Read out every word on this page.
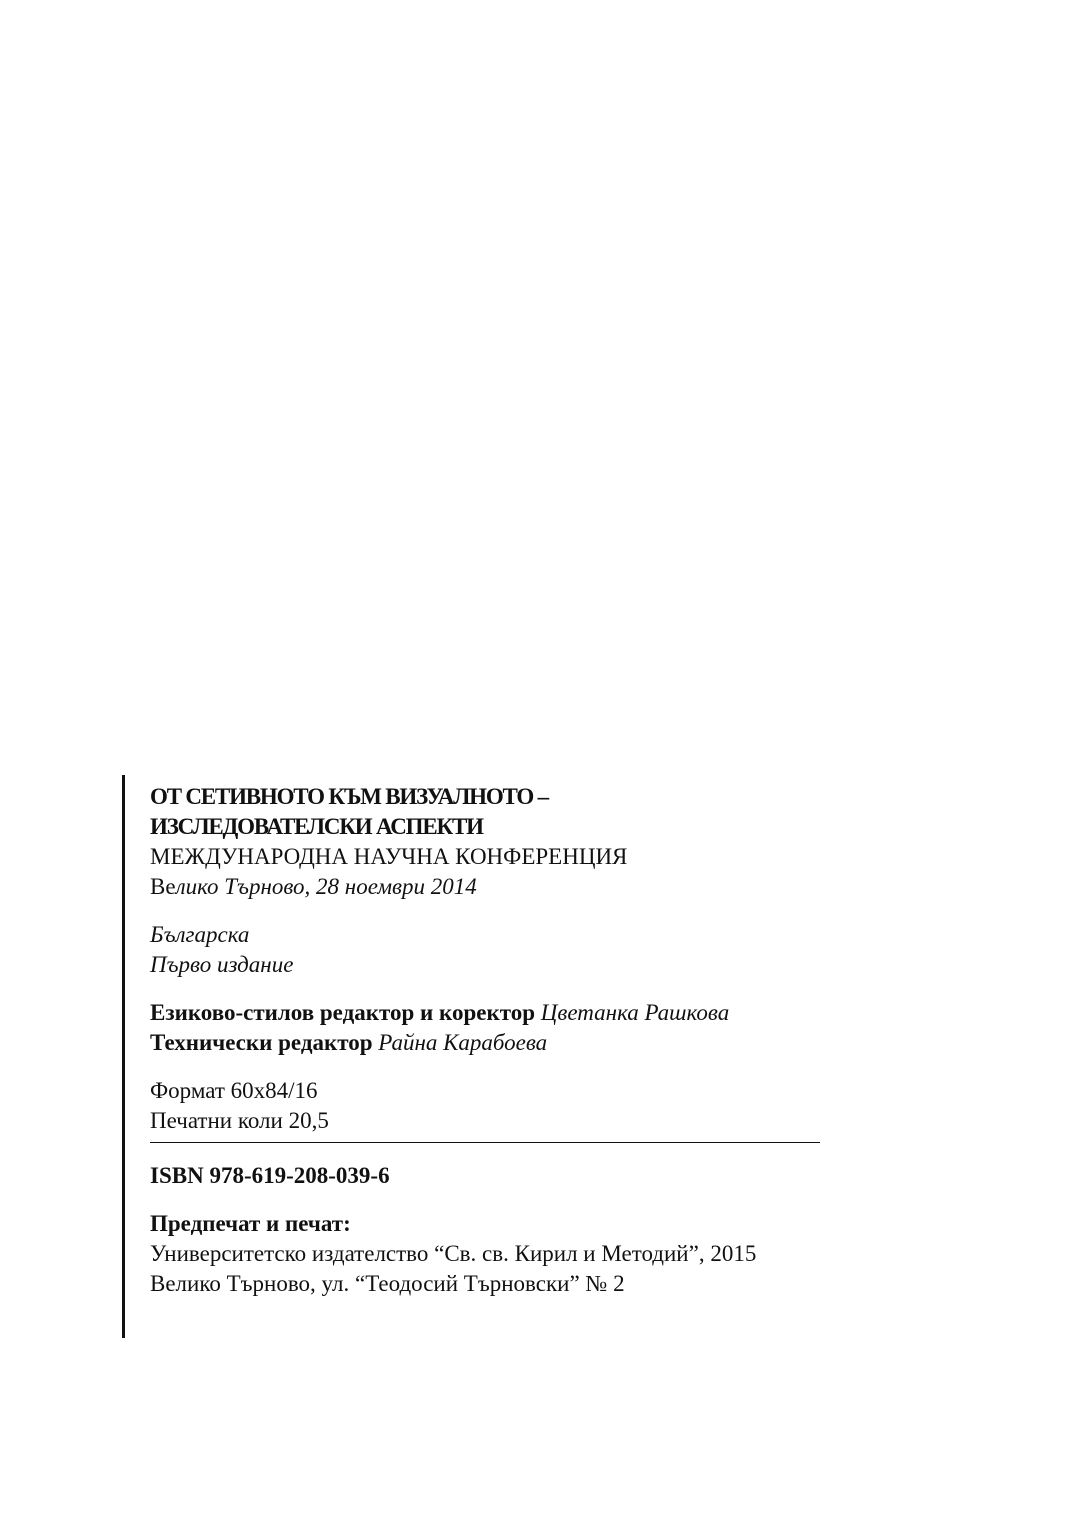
ОТ СЕТИВНОТО КЪМ ВИЗУАЛНОТО –
ИЗСЛЕДОВАТЕЛСКИ АСПЕКТИ
МЕЖДУНАРОДНА НАУЧНА КОНФЕРЕНЦИЯ
Велико Търново, 28 ноември 2014
Българска
Първо издание
Езиково-стилов редактор и коректор Цветанка Рашкова
Технически редактор Райна Карабоева
Формат 60x84/16
Печатни коли 20,5
ISBN 978-619-208-039-6
Предпечат и печат:
Университетско издателство “Св. св. Кирил и Методий”, 2015
Велико Търново, ул. “Теодосий Търновски” № 2
